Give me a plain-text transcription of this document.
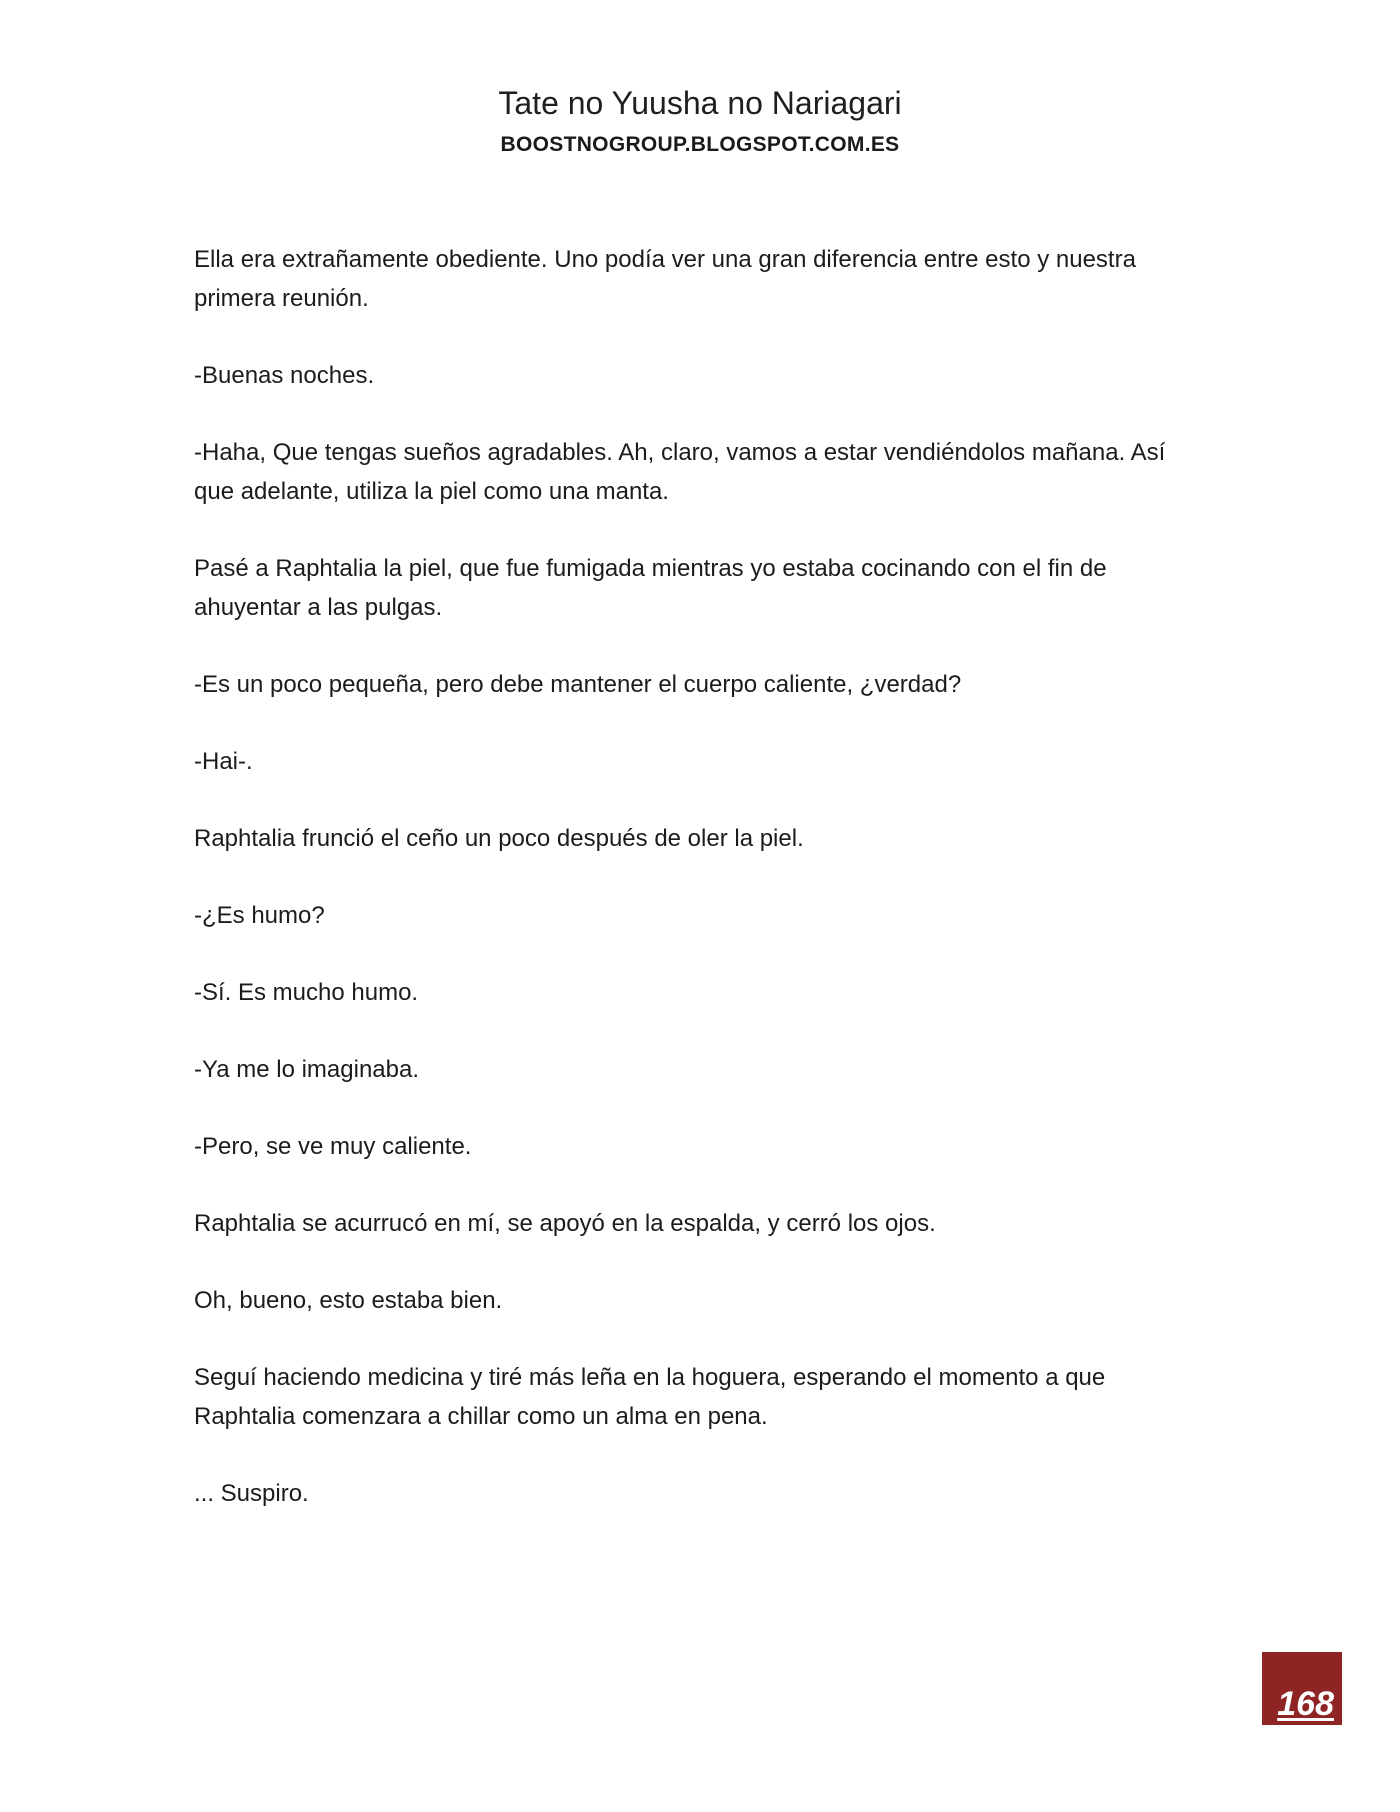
Tate no Yuusha no Nariagari
BOOSTNOGROUP.BLOGSPOT.COM.ES

Ella era extrañamente obediente. Uno podía ver una gran diferencia entre esto y nuestra primera reunión.

-Buenas noches.

-Haha, Que tengas sueños agradables. Ah, claro, vamos a estar vendiéndolos mañana. Así que adelante, utiliza la piel como una manta.

Pasé a Raphtalia la piel, que fue fumigada mientras yo estaba cocinando con el fin de ahuyentar a las pulgas.

-Es un poco pequeña, pero debe mantener el cuerpo caliente, ¿verdad?

-Hai-.

Raphtalia frunció el ceño un poco después de oler la piel.

-¿Es humo?

-Sí. Es mucho humo.

-Ya me lo imaginaba.

-Pero, se ve muy caliente.

Raphtalia se acurrucó en mí, se apoyó en la espalda, y cerró los ojos.

Oh, bueno, esto estaba bien.

Seguí haciendo medicina y tiré más leña en la hoguera, esperando el momento a que Raphtalia comenzara a chillar como un alma en pena.

... Suspiro.

168
